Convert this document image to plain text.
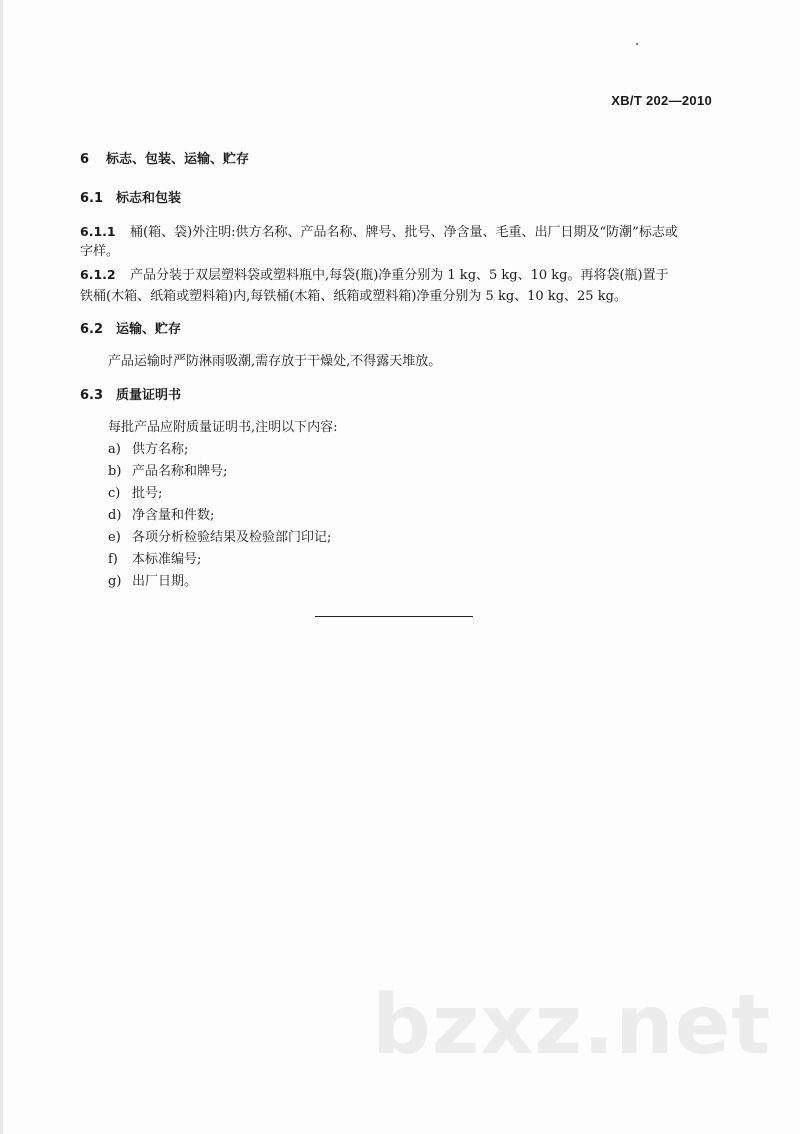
XB/T 202—2010
6 标志、包装、运输、贮存
6.1 标志和包装
6.1.1 桶(箱、袋)外注明:供方名称、产品名称、牌号、批号、净含量、毛重、出厂日期及“防潮”标志或
字样。
6.1.2 产品分装于双层塑料袋或塑料瓶中,每袋(瓶)净重分别为 1 kg、5 kg、10 kg。再将袋(瓶)置于
铁桶(木箱、纸箱或塑料箱)内,每铁桶(木箱、纸箱或塑料箱)净重分别为 5 kg、10 kg、25 kg。
6.2 运输、贮存
产品运输时严防淋雨吸潮,需存放于干燥处,不得露天堆放。
6.3 质量证明书
每批产品应附质量证明书,注明以下内容:
a) 供方名称;
b) 产品名称和牌号;
c) 批号;
d) 净含量和件数;
e) 各项分析检验结果及检验部门印记;
f) 本标准编号;
g) 出厂日期。
bzxz.net
